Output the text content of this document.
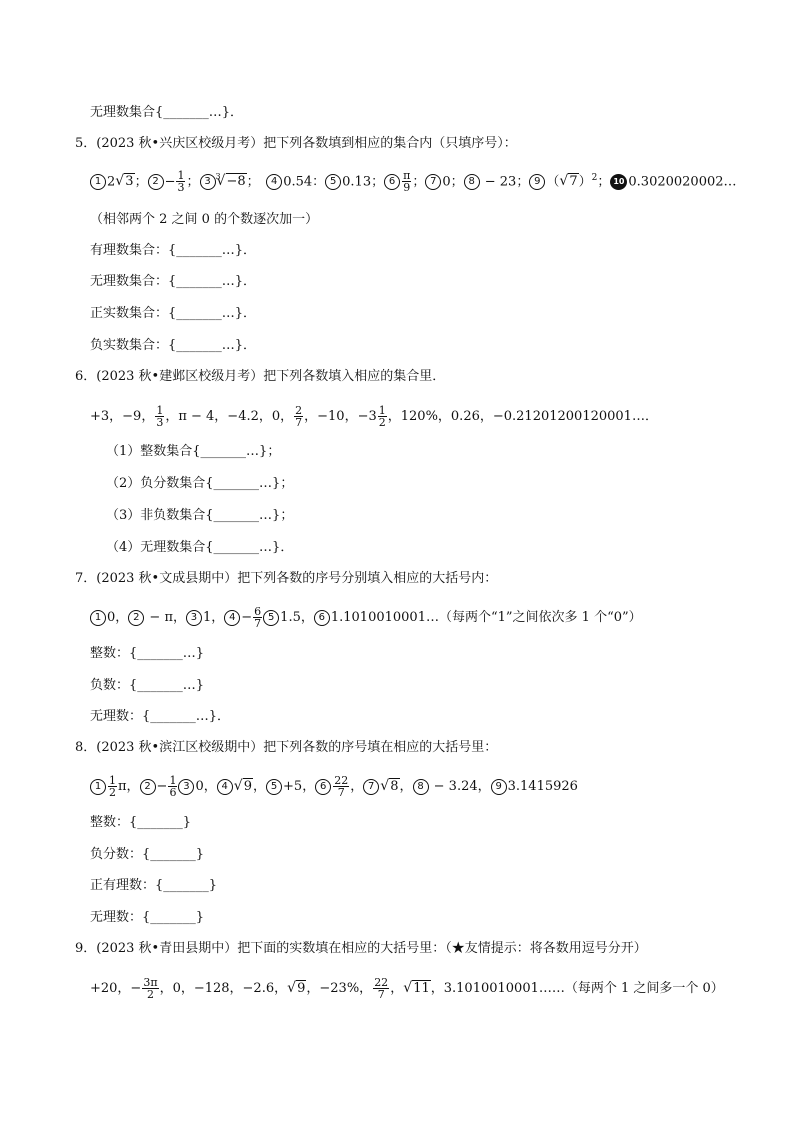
无理数集合{_______…}．
5．(2023 秋•兴庆区校级月考）把下列各数填到相应的集合内（只填序号）：
1 2 √ 3； $2 - \frac{1}{3}$ ； 3 √ 3 −8；　4 0.54： 5 0.13； $6 \frac{\pi}{9}$ ； 7 0； 8 − 23； 9 （ √ 7）$^2$； 10 0.3020020002…
（相邻两个 2 之间 0 的个数逐次加一）
有理数集合：{_______…}．
无理数集合：{_______…}．
正实数集合：{_______…}．
负实数集合：{_______…}．
6．(2023 秋•建邺区校级月考）把下列各数填入相应的集合里．
+3，−9， $\frac{1}{3}$ ，π − 4，−4.2，0， $\frac{2}{7}$ ，−10，$-3 \frac{1}{2}$ ，120%，0.26，−0.21201200120001…．
（1）整数集合{_______…}；
（2）负分数集合{_______…}；
（3）非负数集合{_______…}；
（4）无理数集合{_______…}．
7．(2023 秋•文成县期中）把下列各数的序号分别填入相应的大括号内：
1 0， 2 − π， 3 1， $4 - \frac{6}{7} 5$ 1.5， 6 1.1010010001…（每两个“1”之间依次多 1 个“0”）
整数：{_______…}
负数：{_______…}
无理数：{_______…}．
8．(2023 秋•滨江区校级期中）把下列各数的序号填在相应的大括号里：
$1 \frac{1}{2}$ π， $2 - \frac{1}{6} 3$ 0， 4 √ 9， 5 +5， $6 \frac{22}{7}$ ， 7 √ 8， 8 − 3.24， 9 3.1415926
整数：{_______}
负分数：{_______}
正有理数：{_______}
无理数：{_______}
9．(2023 秋•青田县期中）把下面的实数填在相应的大括号里：（★友情提示：将各数用逗号分开）
+20，− $\frac{3\pi}{2}$ ，0，−128，−2.6， √ 9，−23%， $\frac{22}{7}$ ， √ 11，3.1010010001……（每两个 1 之间多一个 0）
